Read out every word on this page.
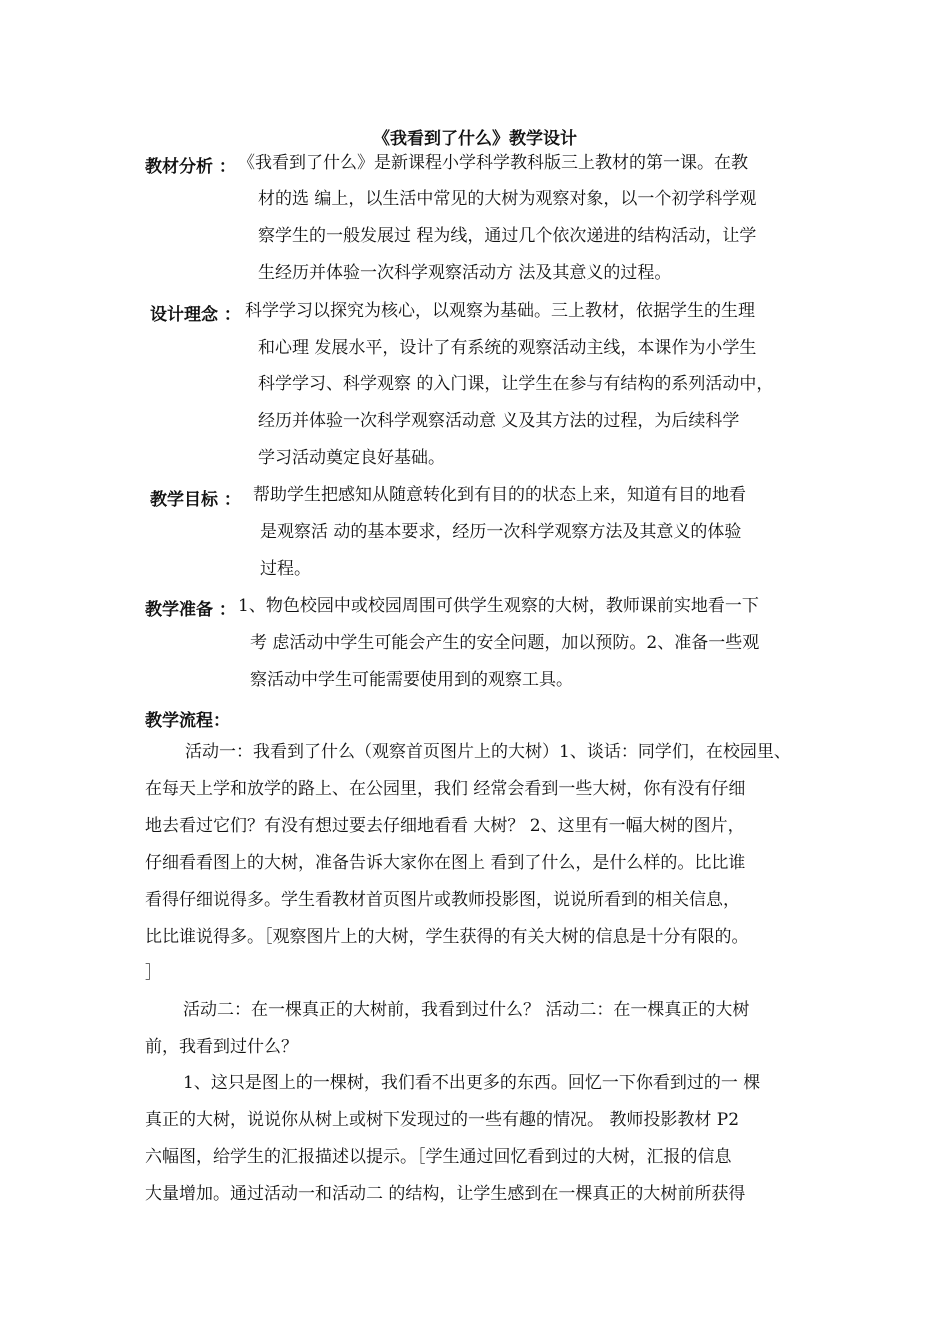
《我看到了什么》教学设计
教材分析 ： 《我看到了什么》是新课程小学科学教科版三上教材的第一课。在教
材的选 编上，以生活中常见的大树为观察对象，以一个初学科学观
察学生的一般发展过 程为线，通过几个依次递进的结构活动，让学
生经历并体验一次科学观察活动方 法及其意义的过程。
设计理念 ： 科学学习以探究为核心，以观察为基础。三上教材，依据学生的生理
和心理 发展水平，设计了有系统的观察活动主线，本课作为小学生
科学学习、科学观察 的入门课，让学生在参与有结构的系列活动中，
经历并体验一次科学观察活动意 义及其方法的过程，为后续科学
学习活动奠定良好基础。
教学目标 ： 帮助学生把感知从随意转化到有目的的状态上来，知道有目的地看
是观察活 动的基本要求，经历一次科学观察方法及其意义的体验
过程。
教学准备 ： 1、物色校园中或校园周围可供学生观察的大树，教师课前实地看一下
考 虑活动中学生可能会产生的安全问题，加以预防。2、准备一些观
察活动中学生可能需要使用到的观察工具。
教学流程：
活动一：我看到了什么（观察首页图片上的大树）1、谈话：同学们，在校园里、
在每天上学和放学的路上、在公园里，我们 经常会看到一些大树，你有没有仔细
地去看过它们？有没有想过要去仔细地看看 大树？ 2、这里有一幅大树的图片，
仔细看看图上的大树，准备告诉大家你在图上 看到了什么，是什么样的。比比谁
看得仔细说得多。学生看教材首页图片或教师投影图，说说所看到的相关信息，
比比谁说得多。［观察图片上的大树，学生获得的有关大树的信息是十分有限的。
］
活动二：在一棵真正的大树前，我看到过什么？ 活动二：在一棵真正的大树
前，我看到过什么？
1、这只是图上的一棵树，我们看不出更多的东西。回忆一下你看到过的一 棵
真正的大树，说说你从树上或树下发现过的一些有趣的情况。 教师投影教材 P2
六幅图，给学生的汇报描述以提示。［学生通过回忆看到过的大树，汇报的信息
大量增加。通过活动一和活动二 的结构，让学生感到在一棵真正的大树前所获得
